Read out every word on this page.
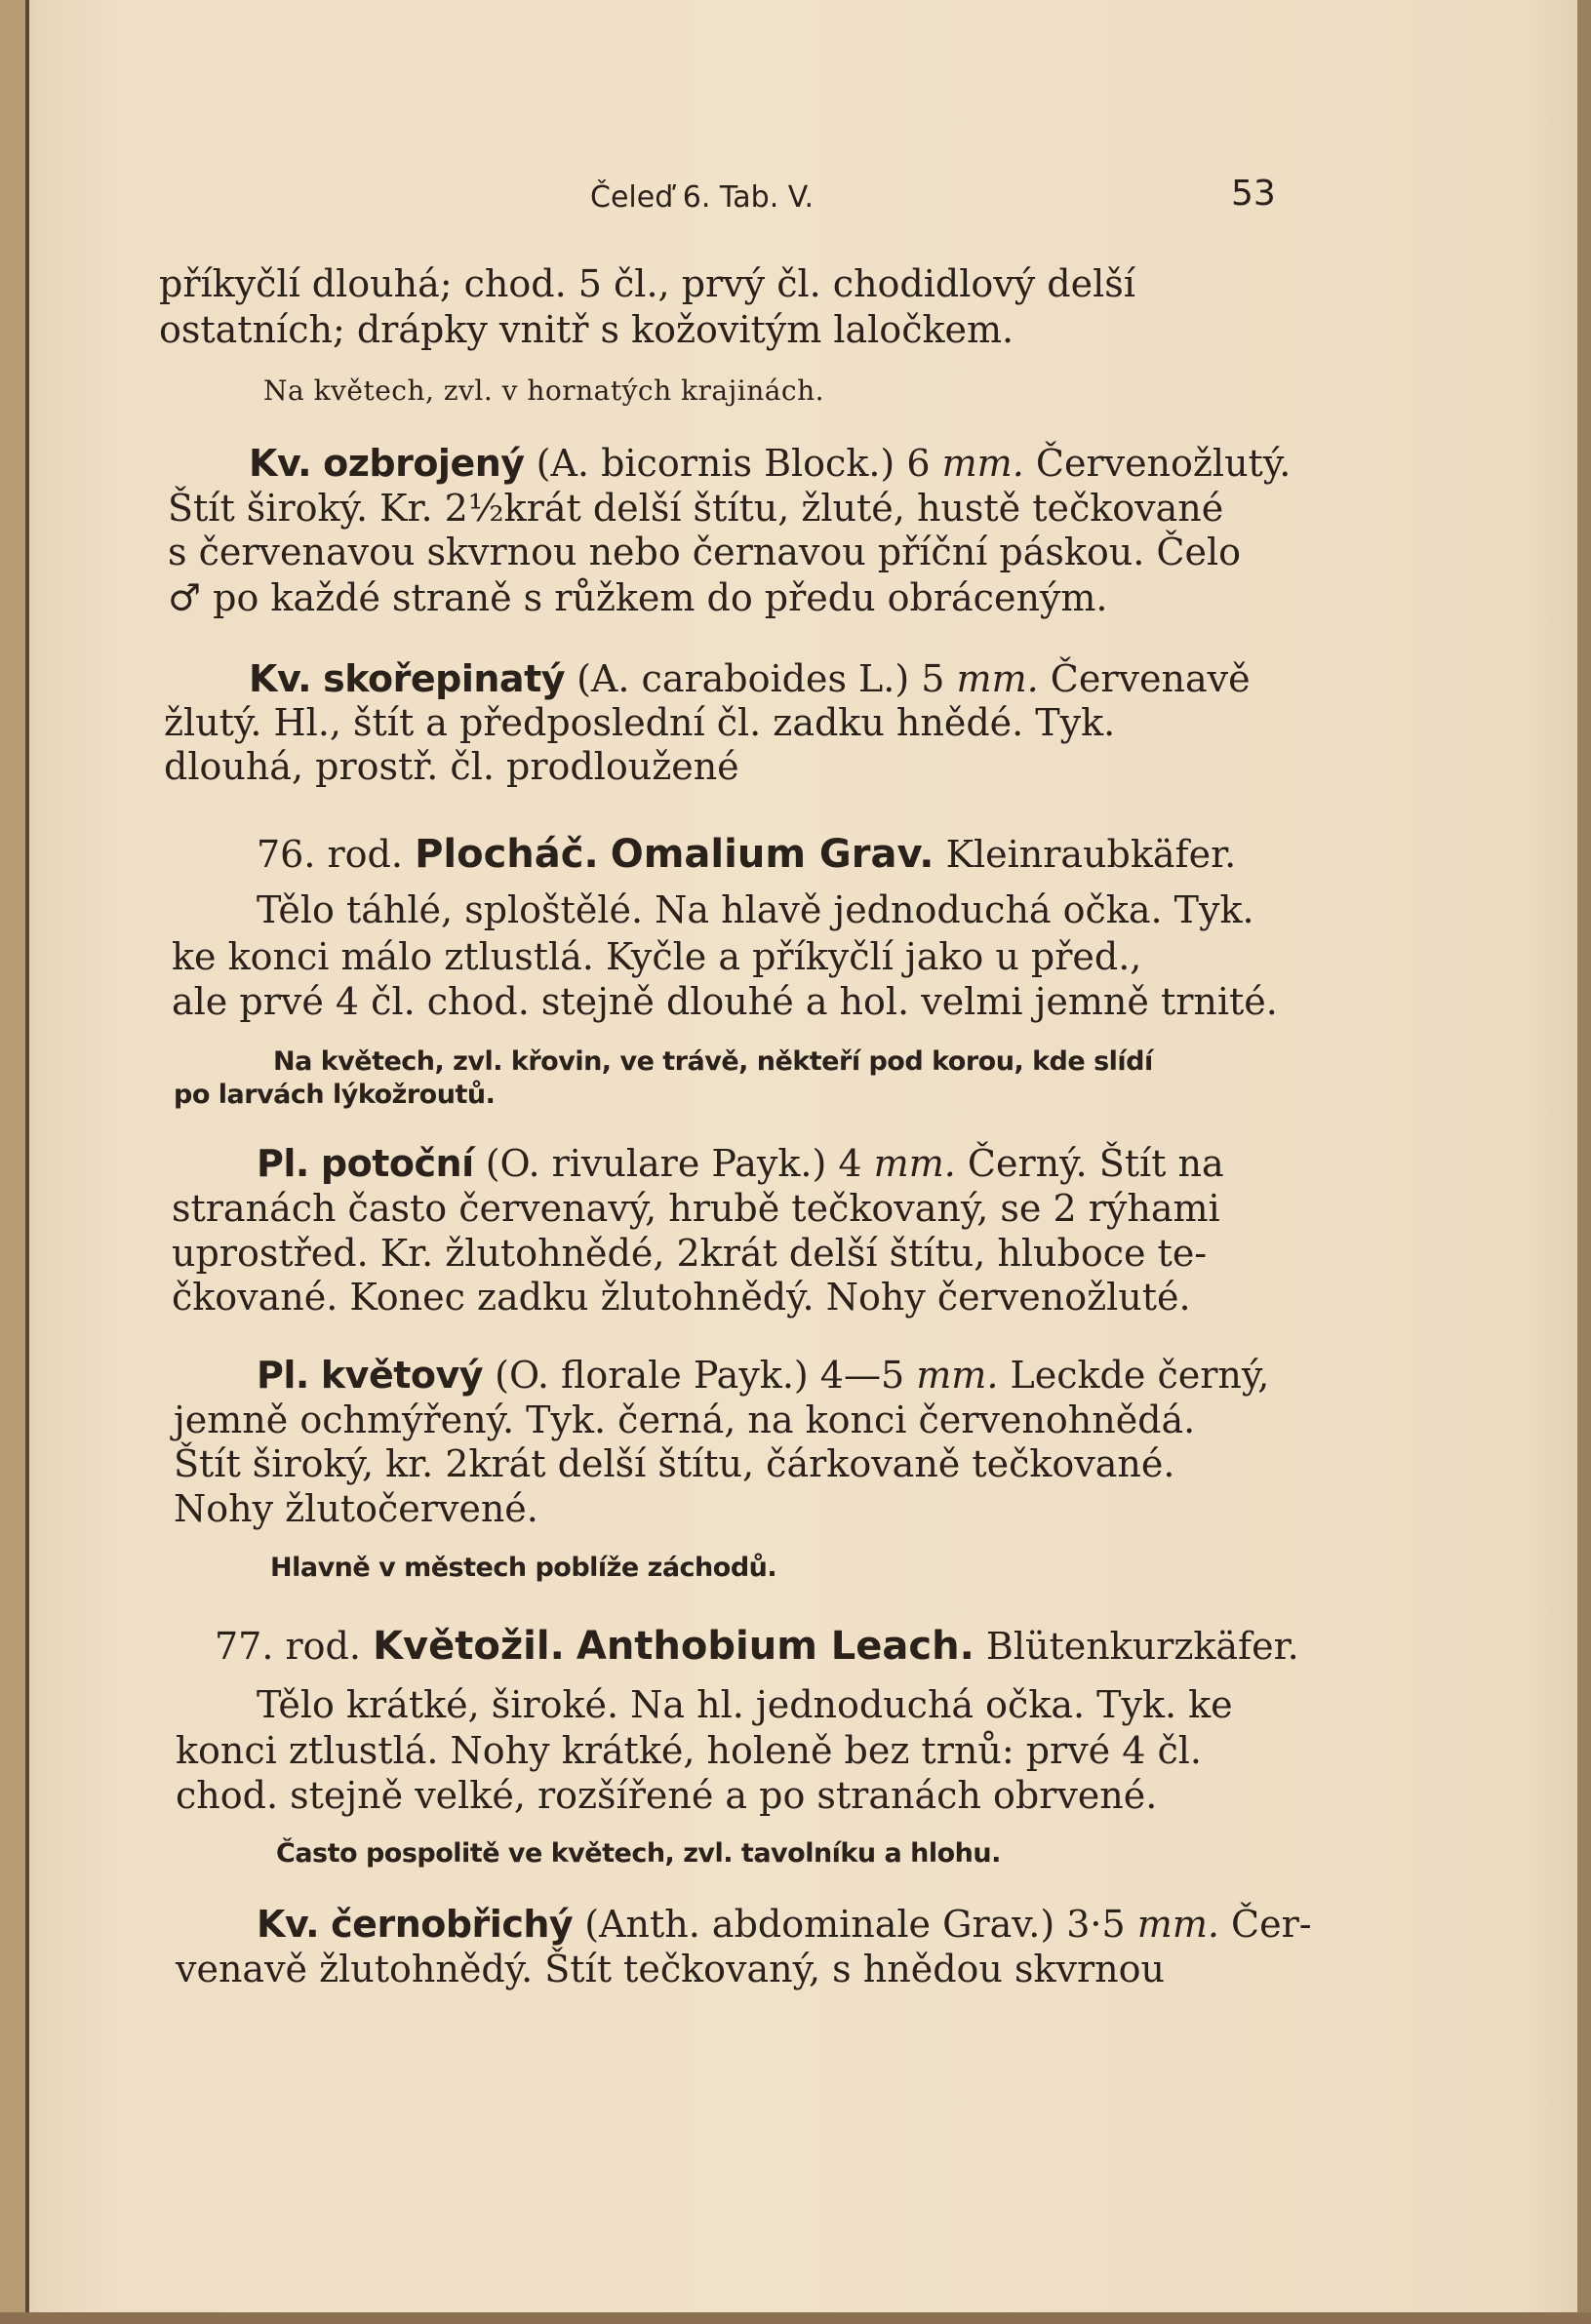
Čeleď 6. Tab. V.	53
příkyčlí dlouhá; chod. 5 čl., prvý čl. chodidlový delší
ostatních; drápky vnitř s kožovitým laločkem.
Na květech, zvl. v hornatých krajinách.
Kv. ozbrojený (A. bicornis Block.) 6 mm. Červenožlutý.
Štít široký. Kr. 2½krát delší štítu, žluté, hustě tečkované
s červenavou skvrnou nebo černavou příční páskou. Čelo
♂ po každé straně s růžkem do předu obráceným.
Kv. skořepinatý (A. caraboides L.) 5 mm. Červenavě
žlutý. Hl., štít a předposlední čl. zadku hnědé. Tyk.
dlouhá, prostř. čl. prodloužené
76. rod. Plocháč. Omalium Grav. Kleinraubkäfer.
Tělo táhlé, sploštělé. Na hlavě jednoduchá očka. Tyk.
ke konci málo ztlustlá. Kyčle a příkyčlí jako u před.,
ale prvé 4 čl. chod. stejně dlouhé a hol. velmi jemně trnité.
Na květech, zvl. křovin, ve trávě, někteří pod korou, kde slídí
po larvách lýkožroutů.
Pl. potoční (O. rivulare Payk.) 4 mm. Černý. Štít na
stranách často červenavý, hrubě tečkovaný, se 2 rýhami
uprostřed. Kr. žlutohnědé, 2krát delší štítu, hluboce te-
čkované. Konec zadku žlutohnědý. Nohy červenožluté.
Pl. květový (O. florale Payk.) 4—5 mm. Leckde černý,
jemně ochmýřený. Tyk. černá, na konci červenohnědá.
Štít široký, kr. 2krát delší štítu, čárkovaně tečkované.
Nohy žlutočervené.
Hlavně v městech poblíže záchodů.
77. rod. Květožil. Anthobium Leach. Blütenkurzkäfer.
Tělo krátké, široké. Na hl. jednoduchá očka. Tyk. ke
konci ztlustlá. Nohy krátké, holeně bez trnů: prvé 4 čl.
chod. stejně velké, rozšířené a po stranách obrvené.
Často pospolitě ve květech, zvl. tavolníku a hlohu.
Kv. černobřichý (Anth. abdominale Grav.) 3·5 mm. Čer-
venavě žlutohnědý. Štít tečkovaný, s hnědou skvrnou
